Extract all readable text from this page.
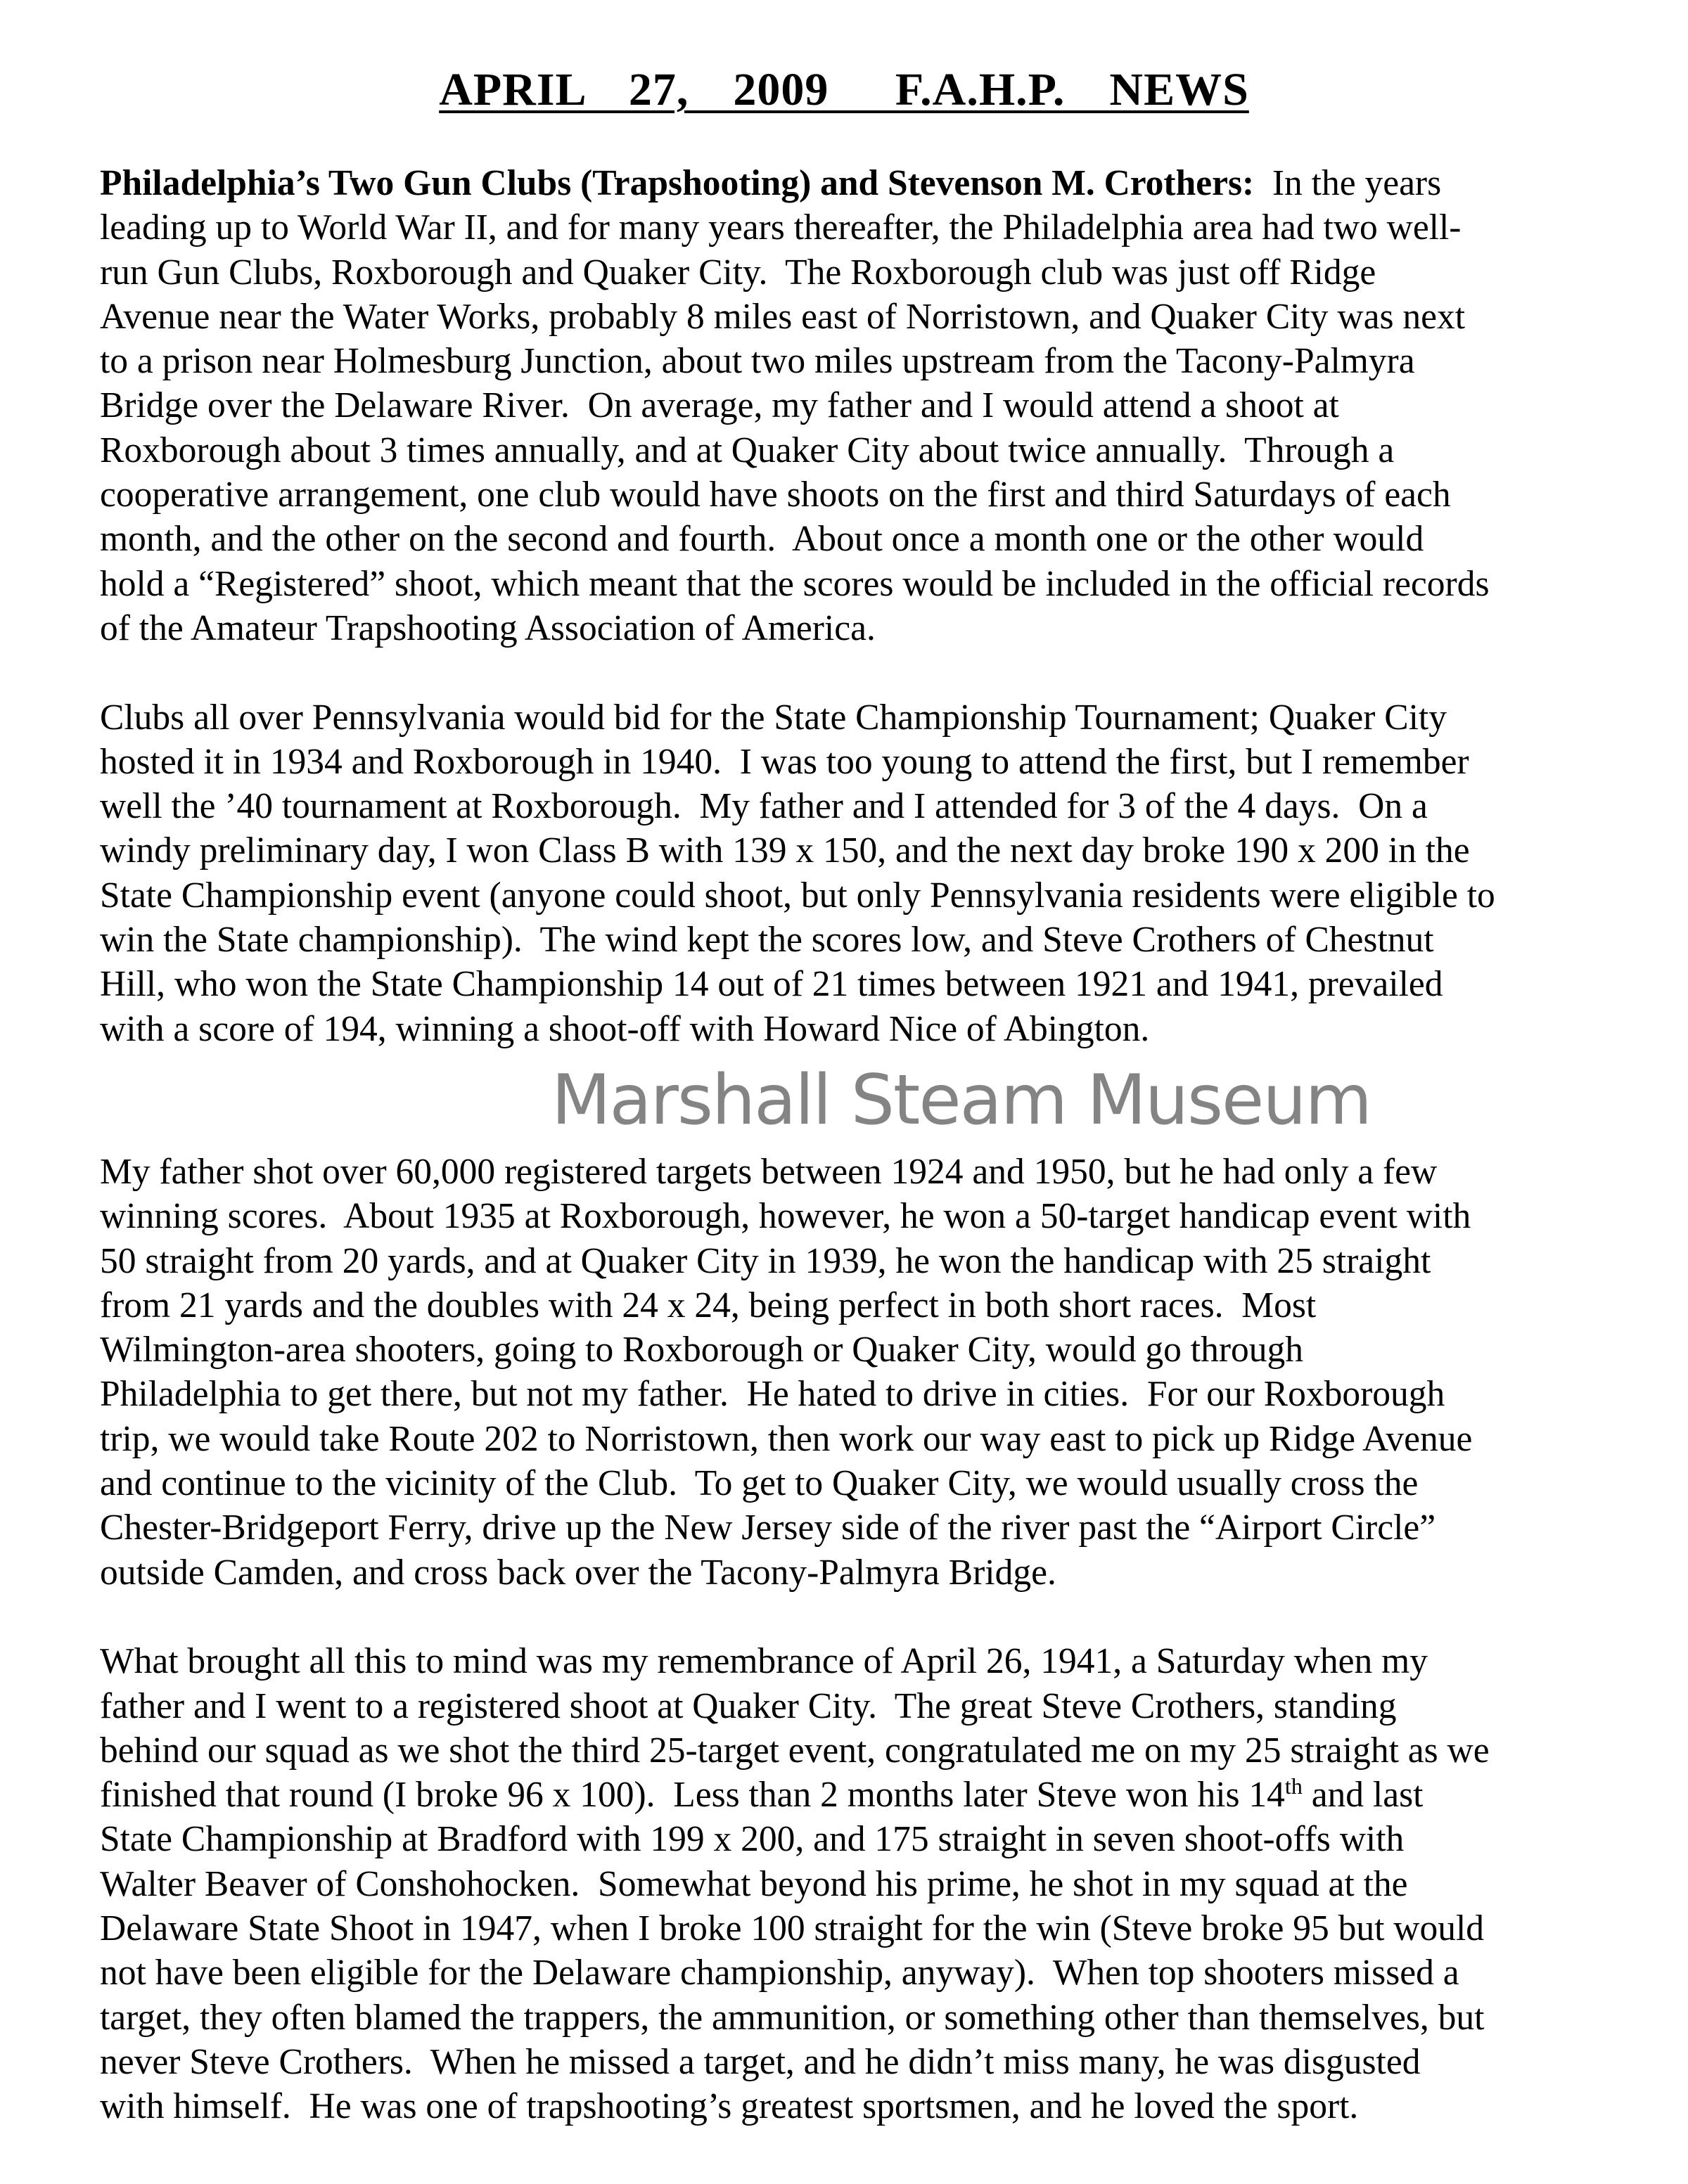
APRIL  27,  2009   F.A.H.P.  NEWS
Philadelphia’s Two Gun Clubs (Trapshooting) and Stevenson M. Crothers:  In the years
leading up to World War II, and for many years thereafter, the Philadelphia area had two well-
run Gun Clubs, Roxborough and Quaker City.  The Roxborough club was just off Ridge
Avenue near the Water Works, probably 8 miles east of Norristown, and Quaker City was next
to a prison near Holmesburg Junction, about two miles upstream from the Tacony-Palmyra
Bridge over the Delaware River.  On average, my father and I would attend a shoot at
Roxborough about 3 times annually, and at Quaker City about twice annually.  Through a
cooperative arrangement, one club would have shoots on the first and third Saturdays of each
month, and the other on the second and fourth.  About once a month one or the other would
hold a “Registered” shoot, which meant that the scores would be included in the official records
of the Amateur Trapshooting Association of America.
Clubs all over Pennsylvania would bid for the State Championship Tournament; Quaker City
hosted it in 1934 and Roxborough in 1940.  I was too young to attend the first, but I remember
well the ’40 tournament at Roxborough.  My father and I attended for 3 of the 4 days.  On a
windy preliminary day, I won Class B with 139 x 150, and the next day broke 190 x 200 in the
State Championship event (anyone could shoot, but only Pennsylvania residents were eligible to
win the State championship).  The wind kept the scores low, and Steve Crothers of Chestnut
Hill, who won the State Championship 14 out of 21 times between 1921 and 1941, prevailed
with a score of 194, winning a shoot-off with Howard Nice of Abington.
Marshall Steam Museum
My father shot over 60,000 registered targets between 1924 and 1950, but he had only a few
winning scores.  About 1935 at Roxborough, however, he won a 50-target handicap event with
50 straight from 20 yards, and at Quaker City in 1939, he won the handicap with 25 straight
from 21 yards and the doubles with 24 x 24, being perfect in both short races.  Most
Wilmington-area shooters, going to Roxborough or Quaker City, would go through
Philadelphia to get there, but not my father.  He hated to drive in cities.  For our Roxborough
trip, we would take Route 202 to Norristown, then work our way east to pick up Ridge Avenue
and continue to the vicinity of the Club.  To get to Quaker City, we would usually cross the
Chester-Bridgeport Ferry, drive up the New Jersey side of the river past the “Airport Circle”
outside Camden, and cross back over the Tacony-Palmyra Bridge.
What brought all this to mind was my remembrance of April 26, 1941, a Saturday when my
father and I went to a registered shoot at Quaker City.  The great Steve Crothers, standing
behind our squad as we shot the third 25-target event, congratulated me on my 25 straight as we
finished that round (I broke 96 x 100).  Less than 2 months later Steve won his 14th and last
State Championship at Bradford with 199 x 200, and 175 straight in seven shoot-offs with
Walter Beaver of Conshohocken.  Somewhat beyond his prime, he shot in my squad at the
Delaware State Shoot in 1947, when I broke 100 straight for the win (Steve broke 95 but would
not have been eligible for the Delaware championship, anyway).  When top shooters missed a
target, they often blamed the trappers, the ammunition, or something other than themselves, but
never Steve Crothers.  When he missed a target, and he didn’t miss many, he was disgusted
with himself.  He was one of trapshooting’s greatest sportsmen, and he loved the sport.
